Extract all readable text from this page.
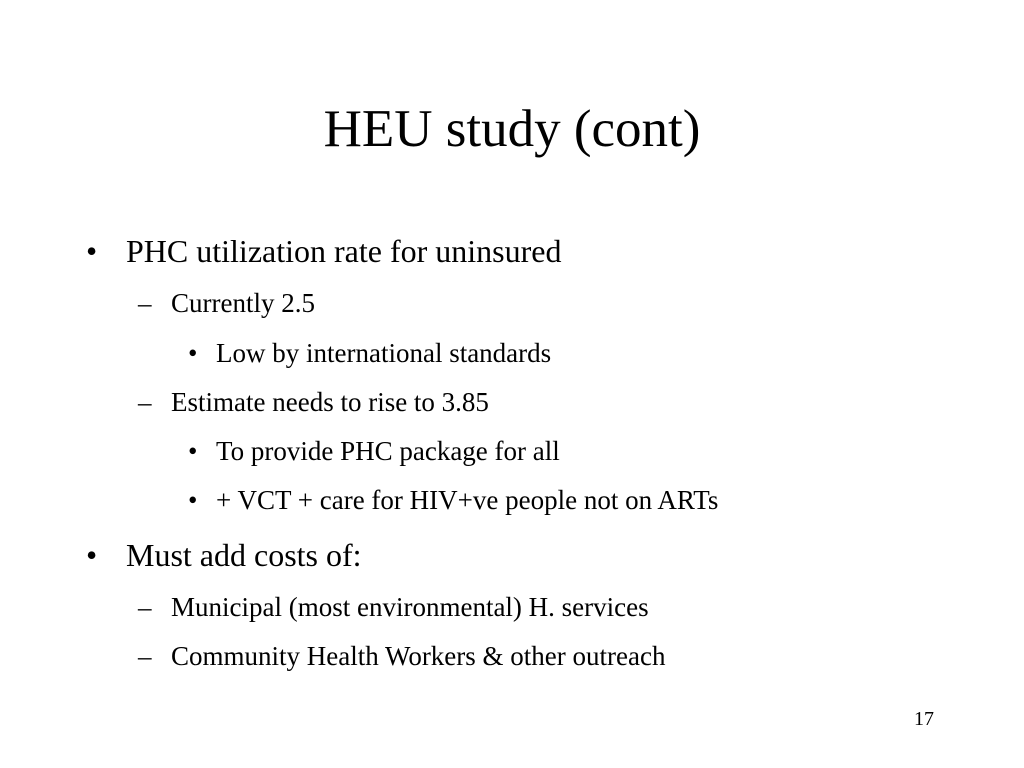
HEU study (cont)
• PHC utilization rate for uninsured
– Currently 2.5
• Low by international standards
– Estimate needs to rise to 3.85
• To provide PHC package for all
• + VCT + care for HIV+ve people not on ARTs
• Must add costs of:
– Municipal (most environmental) H. services
– Community Health Workers & other outreach
17
